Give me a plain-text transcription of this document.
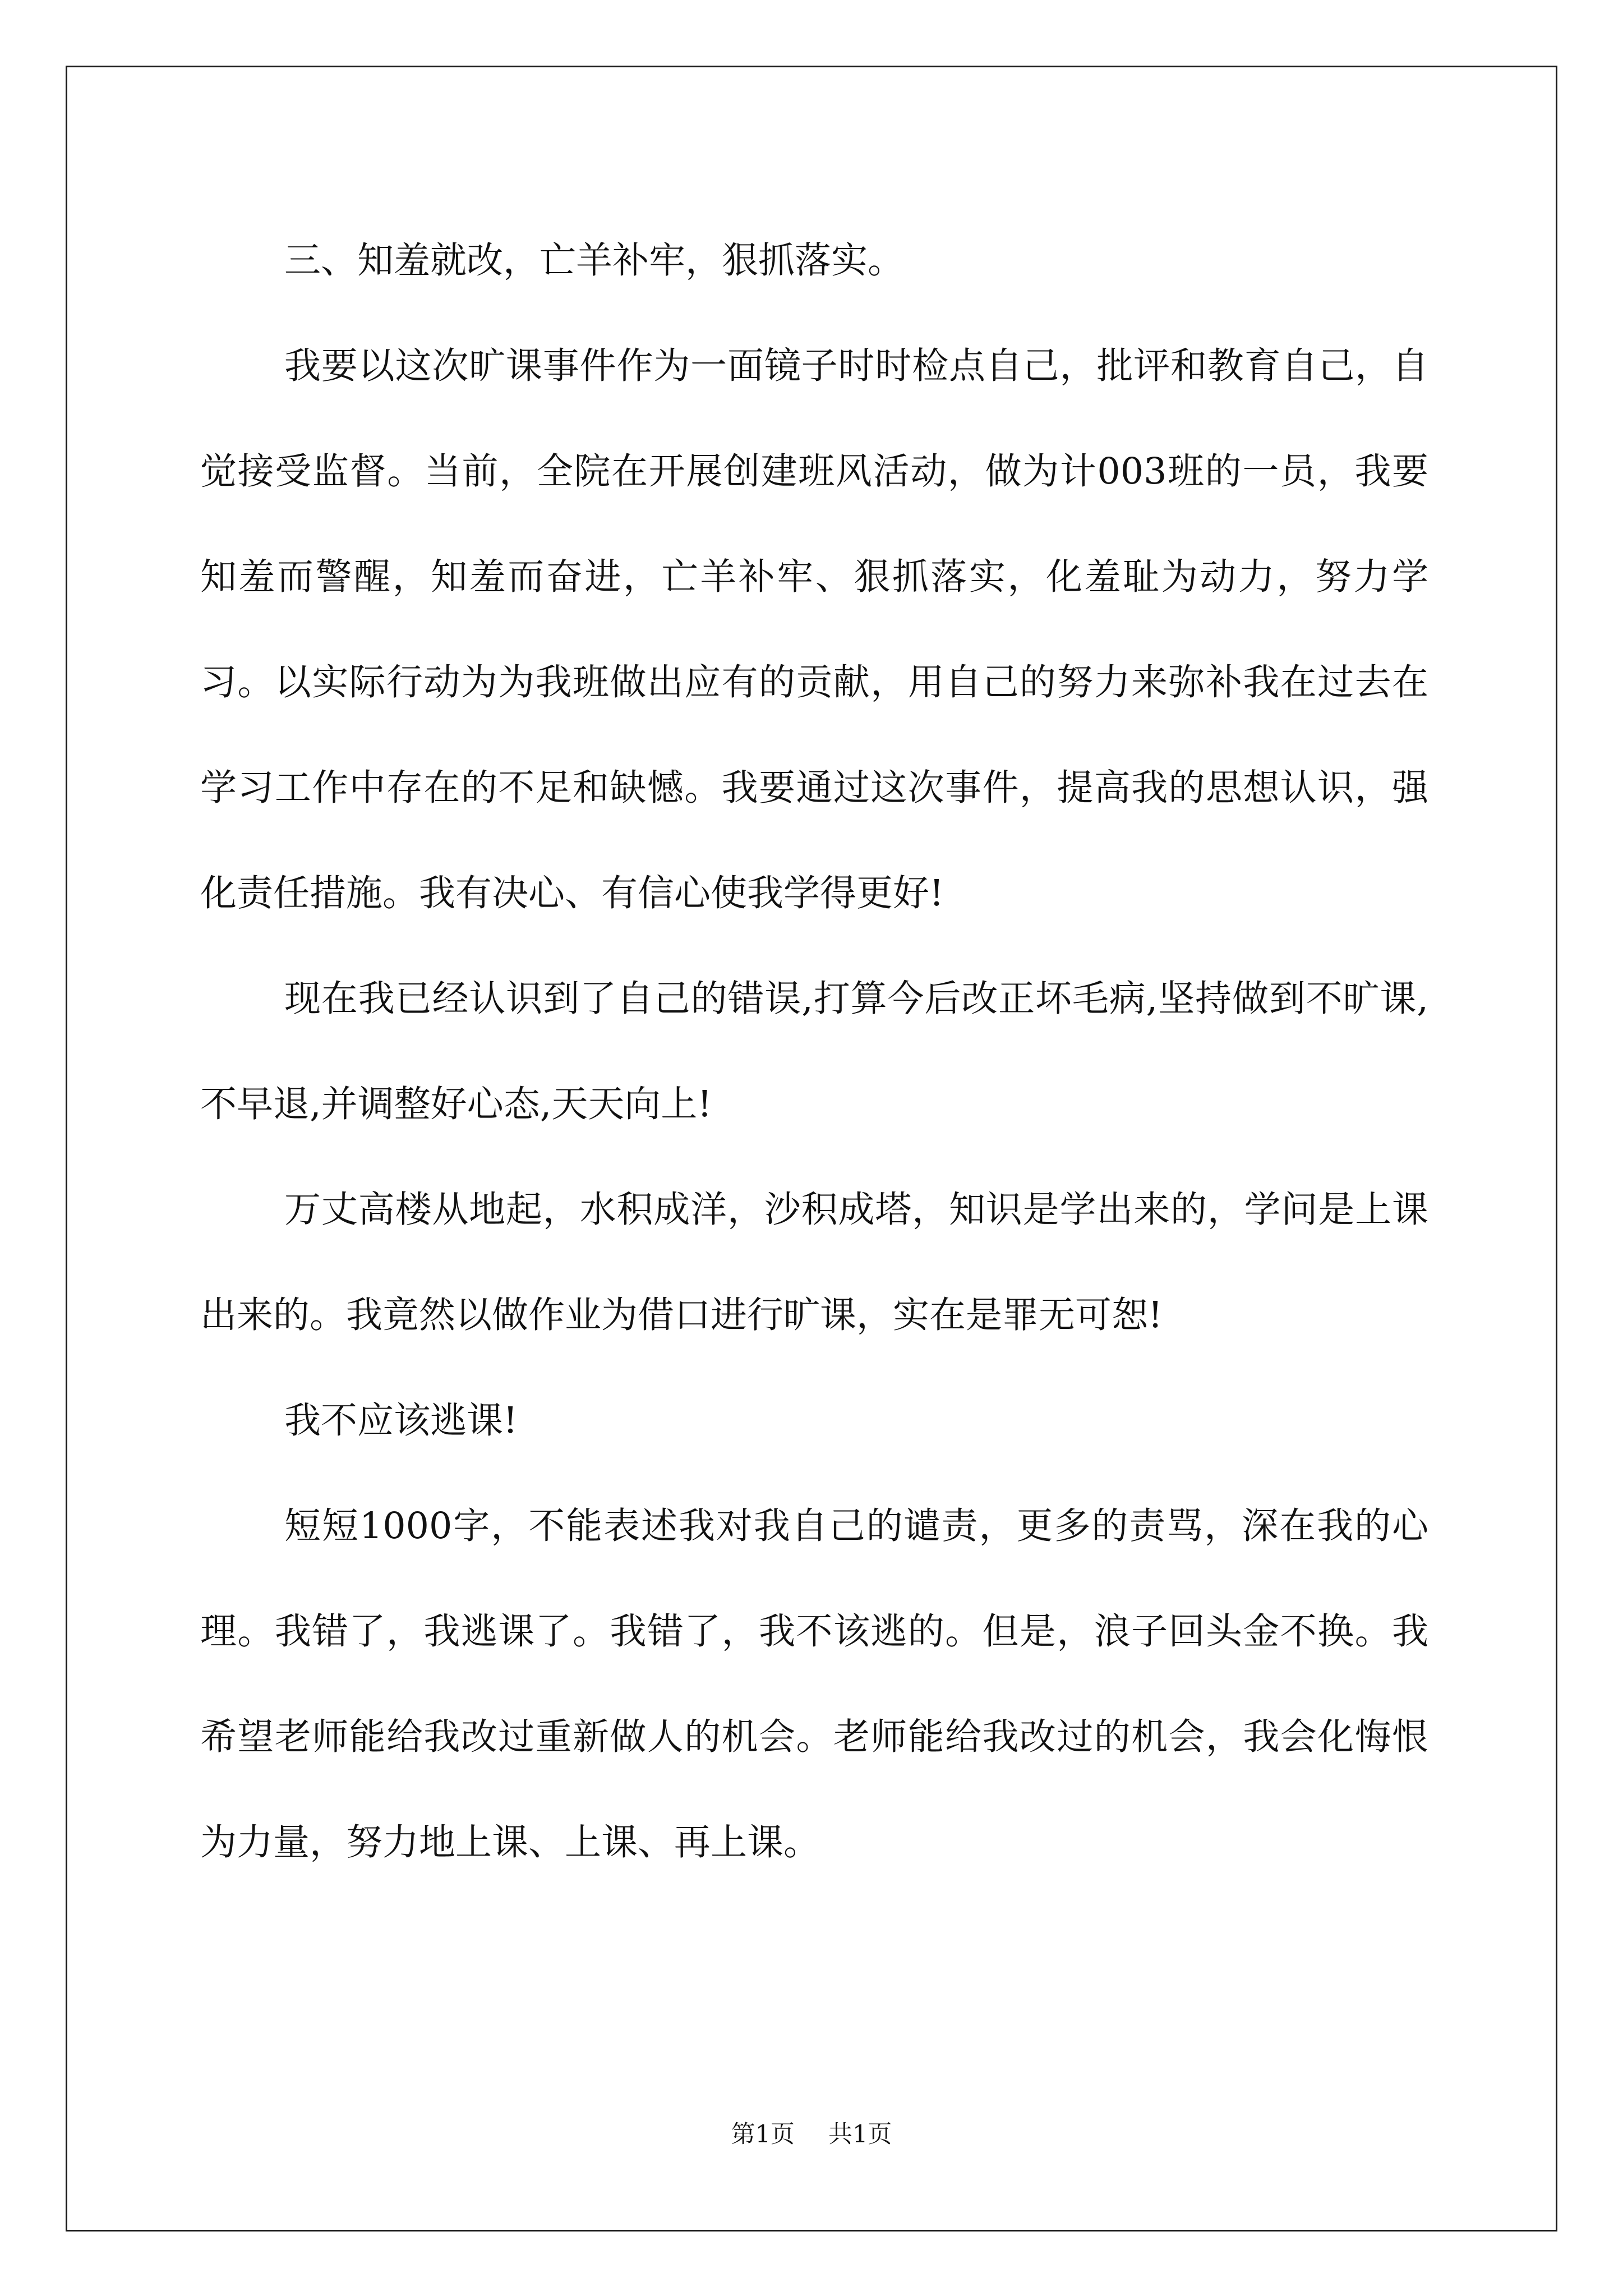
三、知羞就改，亡羊补牢，狠抓落实。

我要以这次旷课事件作为一面镜子时时检点自己，批评和教育自己，自觉接受监督。当前，全院在开展创建班风活动，做为计003班的一员，我要知羞而警醒，知羞而奋进，亡羊补牢、狠抓落实，化羞耻为动力，努力学习。以实际行动为为我班做出应有的贡献，用自己的努力来弥补我在过去在学习工作中存在的不足和缺憾。我要通过这次事件，提高我的思想认识，强化责任措施。我有决心、有信心使我学得更好!

现在我已经认识到了自己的错误,打算今后改正坏毛病,坚持做到不旷课,不早退,并调整好心态,天天向上!

万丈高楼从地起，水积成洋，沙积成塔，知识是学出来的，学问是上课出来的。我竟然以做作业为借口进行旷课，实在是罪无可恕!

我不应该逃课!

短短1000字，不能表述我对我自己的谴责，更多的责骂，深在我的心理。我错了，我逃课了。我错了，我不该逃的。但是，浪子回头金不换。我希望老师能给我改过重新做人的机会。老师能给我改过的机会，我会化悔恨为力量，努力地上课、上课、再上课。

第1页 共1页
